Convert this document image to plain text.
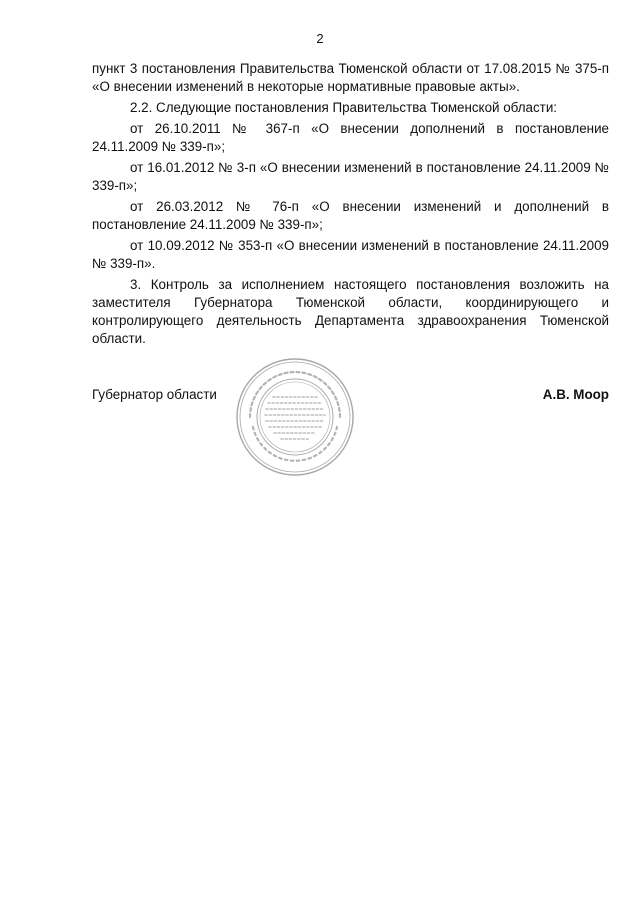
2

пункт 3 постановления Правительства Тюменской области от 17.08.2015 № 375-п «О внесении изменений в некоторые нормативные правовые акты».

2.2. Следующие постановления Правительства Тюменской области:

от 26.10.2011 № 367-п «О внесении дополнений в постановление 24.11.2009 № 339-п»;

от 16.01.2012 № 3-п «О внесении изменений в постановление 24.11.2009 № 339-п»;

от 26.03.2012 № 76-п «О внесении изменений и дополнений в постановление 24.11.2009 № 339-п»;

от 10.09.2012 № 353-п «О внесении изменений в постановление 24.11.2009 № 339-п».

3. Контроль за исполнением настоящего постановления возложить на заместителя Губернатора Тюменской области, координирующего и контролирующего деятельность Департамента здравоохранения Тюменской области.

Губернатор области	А.В. Моор
